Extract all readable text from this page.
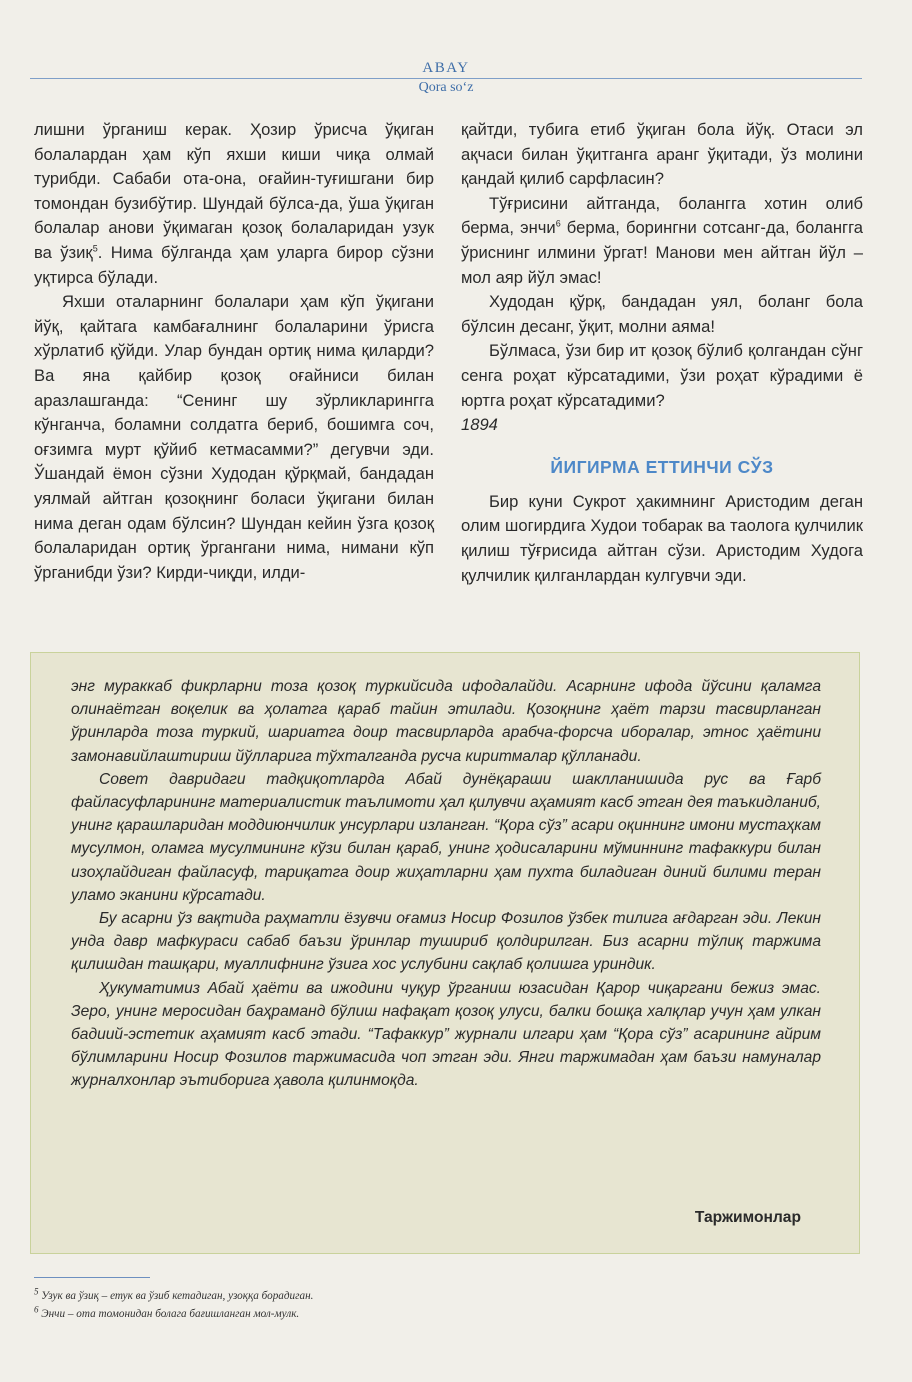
ABAY
Qora so‘z

лишни ўрганиш керак. Ҳозир ўрисча ўқиган болалардан ҳам кўп яхши киши чиқа олмай турибди. Сабаби ота-она, оғайин-туғишгани бир томондан бузибўтир. Шундай бўлса-да, ўша ўқиган болалар анови ўқимаган қозоқ болаларидан узук ва ўзиқ$^5$. Нима бўлганда ҳам уларга бирор сўзни уқтирса бўлади.

Яхши оталарнинг болалари ҳам кўп ўқигани йўқ, қайтага камбағалнинг болаларини ўрисга хўрлатиб қўйди. Улар бундан ортиқ нима қиларди? Ва яна қайбир қозоқ оғайниси билан аразлашганда: “Сенинг шу зўрликларингга кўнганча, боламни солдатга бериб, бошимга соч, оғзимга мурт қўйиб кетмасамми?” дегувчи эди. Ўшандай ёмон сўзни Худодан қўрқмай, бандадан уялмай айтган қозоқнинг боласи ўқигани билан нима деган одам бўлсин? Шундан кейин ўзга қозоқ болаларидан ортиқ ўргангани нима, нимани кўп ўрганибди ўзи? Кирди-чиқди, илди-

қайтди, тубига етиб ўқиган бола йўқ. Отаси эл ақчаси билан ўқитганга аранг ўқитади, ўз молини қандай қилиб сарфласин?

Тўғрисини айтганда, болангга хотин олиб берма, энчи$^6$ берма, борингни сотсанг-да, болангга ўриснинг илмини ўргат! Манови мен айтган йўл – мол аяр йўл эмас!

Худодан қўрқ, бандадан уял, боланг бола бўлсин десанг, ўқит, молни аяма!

Бўлмаса, ўзи бир ит қозоқ бўлиб қолгандан сўнг сенга роҳат кўрсатадими, ўзи роҳат кўрадими ё юртга роҳат кўрсатадими?

1894

ЙИГИРМА ЕТТИНЧИ СЎЗ

Бир куни Сукрот ҳакимнинг Аристодим деган олим шогирдига Худои тобарак ва таолога қулчилик қилиш тўғрисида айтган сўзи. Аристодим Худога қулчилик қилганлардан кулгувчи эди.

энг мураккаб фикрларни тоза қозоқ туркийсида ифодалайди. Асарнинг ифода йўсини қаламга олинаётган воқелик ва ҳолатга қараб тайин этилади. Қозоқнинг ҳаёт тарзи тасвирланган ўринларда тоза туркий, шариатга доир тасвирларда арабча-форсча иборалар, этнос ҳаётини замонавийлаштириш йўлларига тўхталганда русча киритмалар қўлланади.

Совет давридаги тадқиқотларда Абай дунёқараши шаклланишида рус ва Ғарб файласуфларининг материалистик таълимоти ҳал қилувчи аҳамият касб этган дея таъкидланиб, унинг қарашларидан моддиюнчилик унсурлари изланган. “Қора сўз” асари оқиннинг имони мустаҳкам мусулмон, оламга мусулмининг кўзи билан қараб, унинг ҳодисаларини мўминнинг тафаккури билан изоҳлайдиган файласуф, тариқатга доир жиҳатларни ҳам пухта биладиган диний билими теран уламо эканини кўрсатади.

Бу асарни ўз вақтида раҳматли ёзувчи оғамиз Носир Фозилов ўзбек тилига ағдарган эди. Лекин унда давр мафкураси сабаб баъзи ўринлар тушириб қолдирилган. Биз асарни тўлиқ таржима қилишдан ташқари, муаллифнинг ўзига хос услубини сақлаб қолишга уриндик.

Ҳукуматимиз Абай ҳаёти ва ижодини чуқур ўрганиш юзасидан Қарор чиқаргани бежиз эмас. Зеро, унинг меросидан баҳраманд бўлиш нафақат қозоқ улуси, балки бошқа халқлар учун ҳам улкан бадиий-эстетик аҳамият касб этади. “Тафаккур” журнали илгари ҳам “Қора сўз” асарининг айрим бўлимларини Носир Фозилов таржимасида чоп этган эди. Янги таржимадан ҳам баъзи намуналар журналхонлар эътиборига ҳавола қилинмоқда.

Таржимонлар
$^5$ Узук ва ўзиқ – етук ва ўзиб кетадиган, узоққа борадиган.
$^6$ Энчи – ота томонидан болага бағишланган мол-мулк.
